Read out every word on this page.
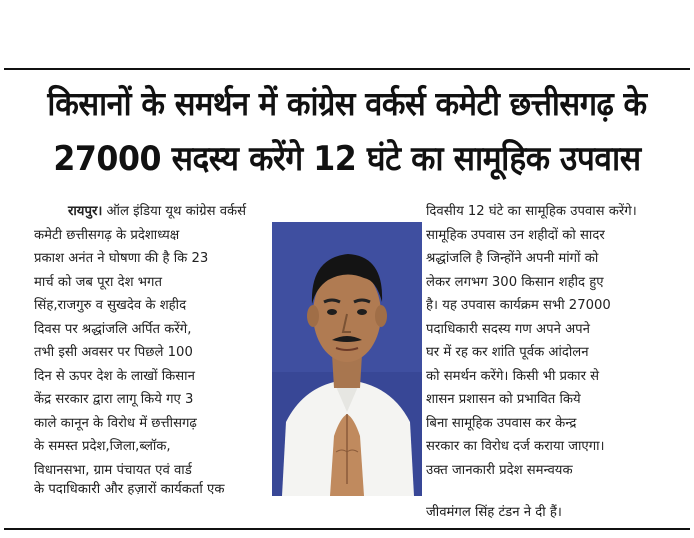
किसानों के समर्थन में कांग्रेस वर्कर्स कमेटी छत्तीसगढ़ के
27000 सदस्य करेंगे 12 घंटे का सामूहिक उपवास
रायपुर। ऑल इंडिया यूथ कांग्रेस वर्कर्स
कमेटी छत्तीसगढ़ के प्रदेशाध्यक्ष
प्रकाश अनंत ने घोषणा की है कि 23
मार्च को जब पूरा देश भगत
सिंह,राजगुरु व सुखदेव के शहीद
दिवस पर श्रद्धांजलि अर्पित करेंगे,
तभी इसी अवसर पर पिछले 100
दिन से ऊपर देश के लाखों किसान
केंद्र सरकार द्वारा लागू किये गए 3
काले कानून के विरोध में छत्तीसगढ़
के समस्त प्रदेश,जिला,ब्लॉक,
विधानसभा, ग्राम पंचायत एवं वार्ड
के पदाधिकारी और हज़ारों कार्यकर्ता एक
दिवसीय 12 घंटे का सामूहिक उपवास करेंगे।
सामूहिक उपवास उन शहीदों को सादर
श्रद्धांजलि है जिन्होंने अपनी मांगों को
लेकर लगभग 300 किसान शहीद हुए
है। यह उपवास कार्यक्रम सभी 27000
पदाधिकारी सदस्य गण अपने अपने
घर में रह कर शांति पूर्वक आंदोलन
को समर्थन करेंगे। किसी भी प्रकार से
शासन प्रशासन को प्रभावित किये
बिना सामूहिक उपवास कर केन्द्र
सरकार का विरोध दर्ज कराया जाएगा।
उक्त जानकारी प्रदेश समन्वयक
जीवमंगल सिंह टंडन ने दी हैं।
